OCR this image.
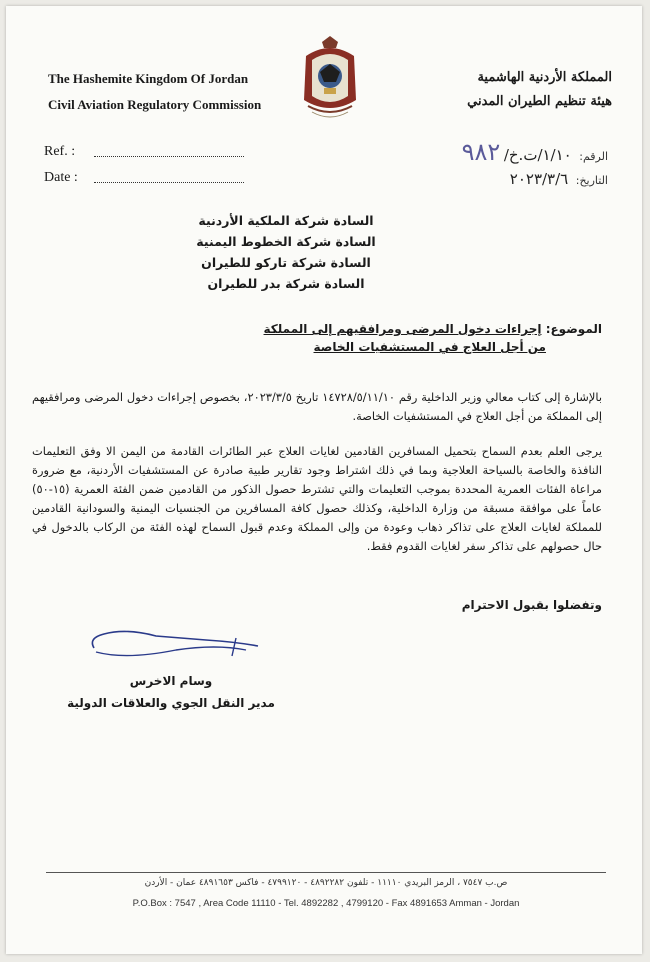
The Hashemite Kingdom Of Jordan
Civil Aviation Regulatory Commission
المملكة الأردنية الهاشمية
هيئة تنظيم الطيران المدني
Ref. :
Date :
الرقم: ١/١٠/ت.خ/ ٩٨٢
التاريخ: ٢٠٢٣/٣/٦
السادة شركة الملكية الأردنية
السادة شركة الخطوط اليمنية
السادة شركة تاركو للطيران
السادة شركة بدر للطيران
الموضوع: إجراءات دخول المرضى ومرافقيهم إلى المملكة
من أجل العلاج في المستشفيات الخاصة
بالإشارة إلى كتاب معالي وزير الداخلية رقم ١٤٧٢٨/٥/١١/١٠ تاريخ ٢٠٢٣/٣/٥، بخصوص إجراءات دخول المرضى ومرافقيهم إلى المملكة من أجل العلاج في المستشفيات الخاصة.
يرجى العلم بعدم السماح بتحميل المسافرين القادمين لغايات العلاج عبر الطائرات القادمة من اليمن الا وفق التعليمات النافذة والخاصة بالسياحة العلاجية وبما في ذلك اشتراط وجود تقارير طبية صادرة عن المستشفيات الأردنية، مع ضرورة مراعاة الفئات العمرية المحددة بموجب التعليمات والتي تشترط حصول الذكور من القادمين ضمن الفئة العمرية (١٥-٥٠) عاماً على موافقة مسبقة من وزارة الداخلية، وكذلك حصول كافة المسافرين من الجنسيات اليمنية والسودانية القادمين للمملكة لغايات العلاج على تذاكر ذهاب وعودة من وإلى المملكة وعدم قبول السماح لهذه الفئة من الركاب بالدخول في حال حصولهم على تذاكر سفر لغايات القدوم فقط.
وتفضلوا بقبول الاحترام
وسام الاخرس
مدير النقل الجوي والعلاقات الدولية
ص.ب ٧٥٤٧ ، الرمز البريدي ١١١١٠ - تلفون ٤٨٩٢٢٨٢ - ٤٧٩٩١٢٠ - فاكس ٤٨٩١٦٥٣ عمان - الأردن
P.O.Box : 7547 , Area Code 11110 - Tel. 4892282 , 4799120 - Fax 4891653 Amman - Jordan
